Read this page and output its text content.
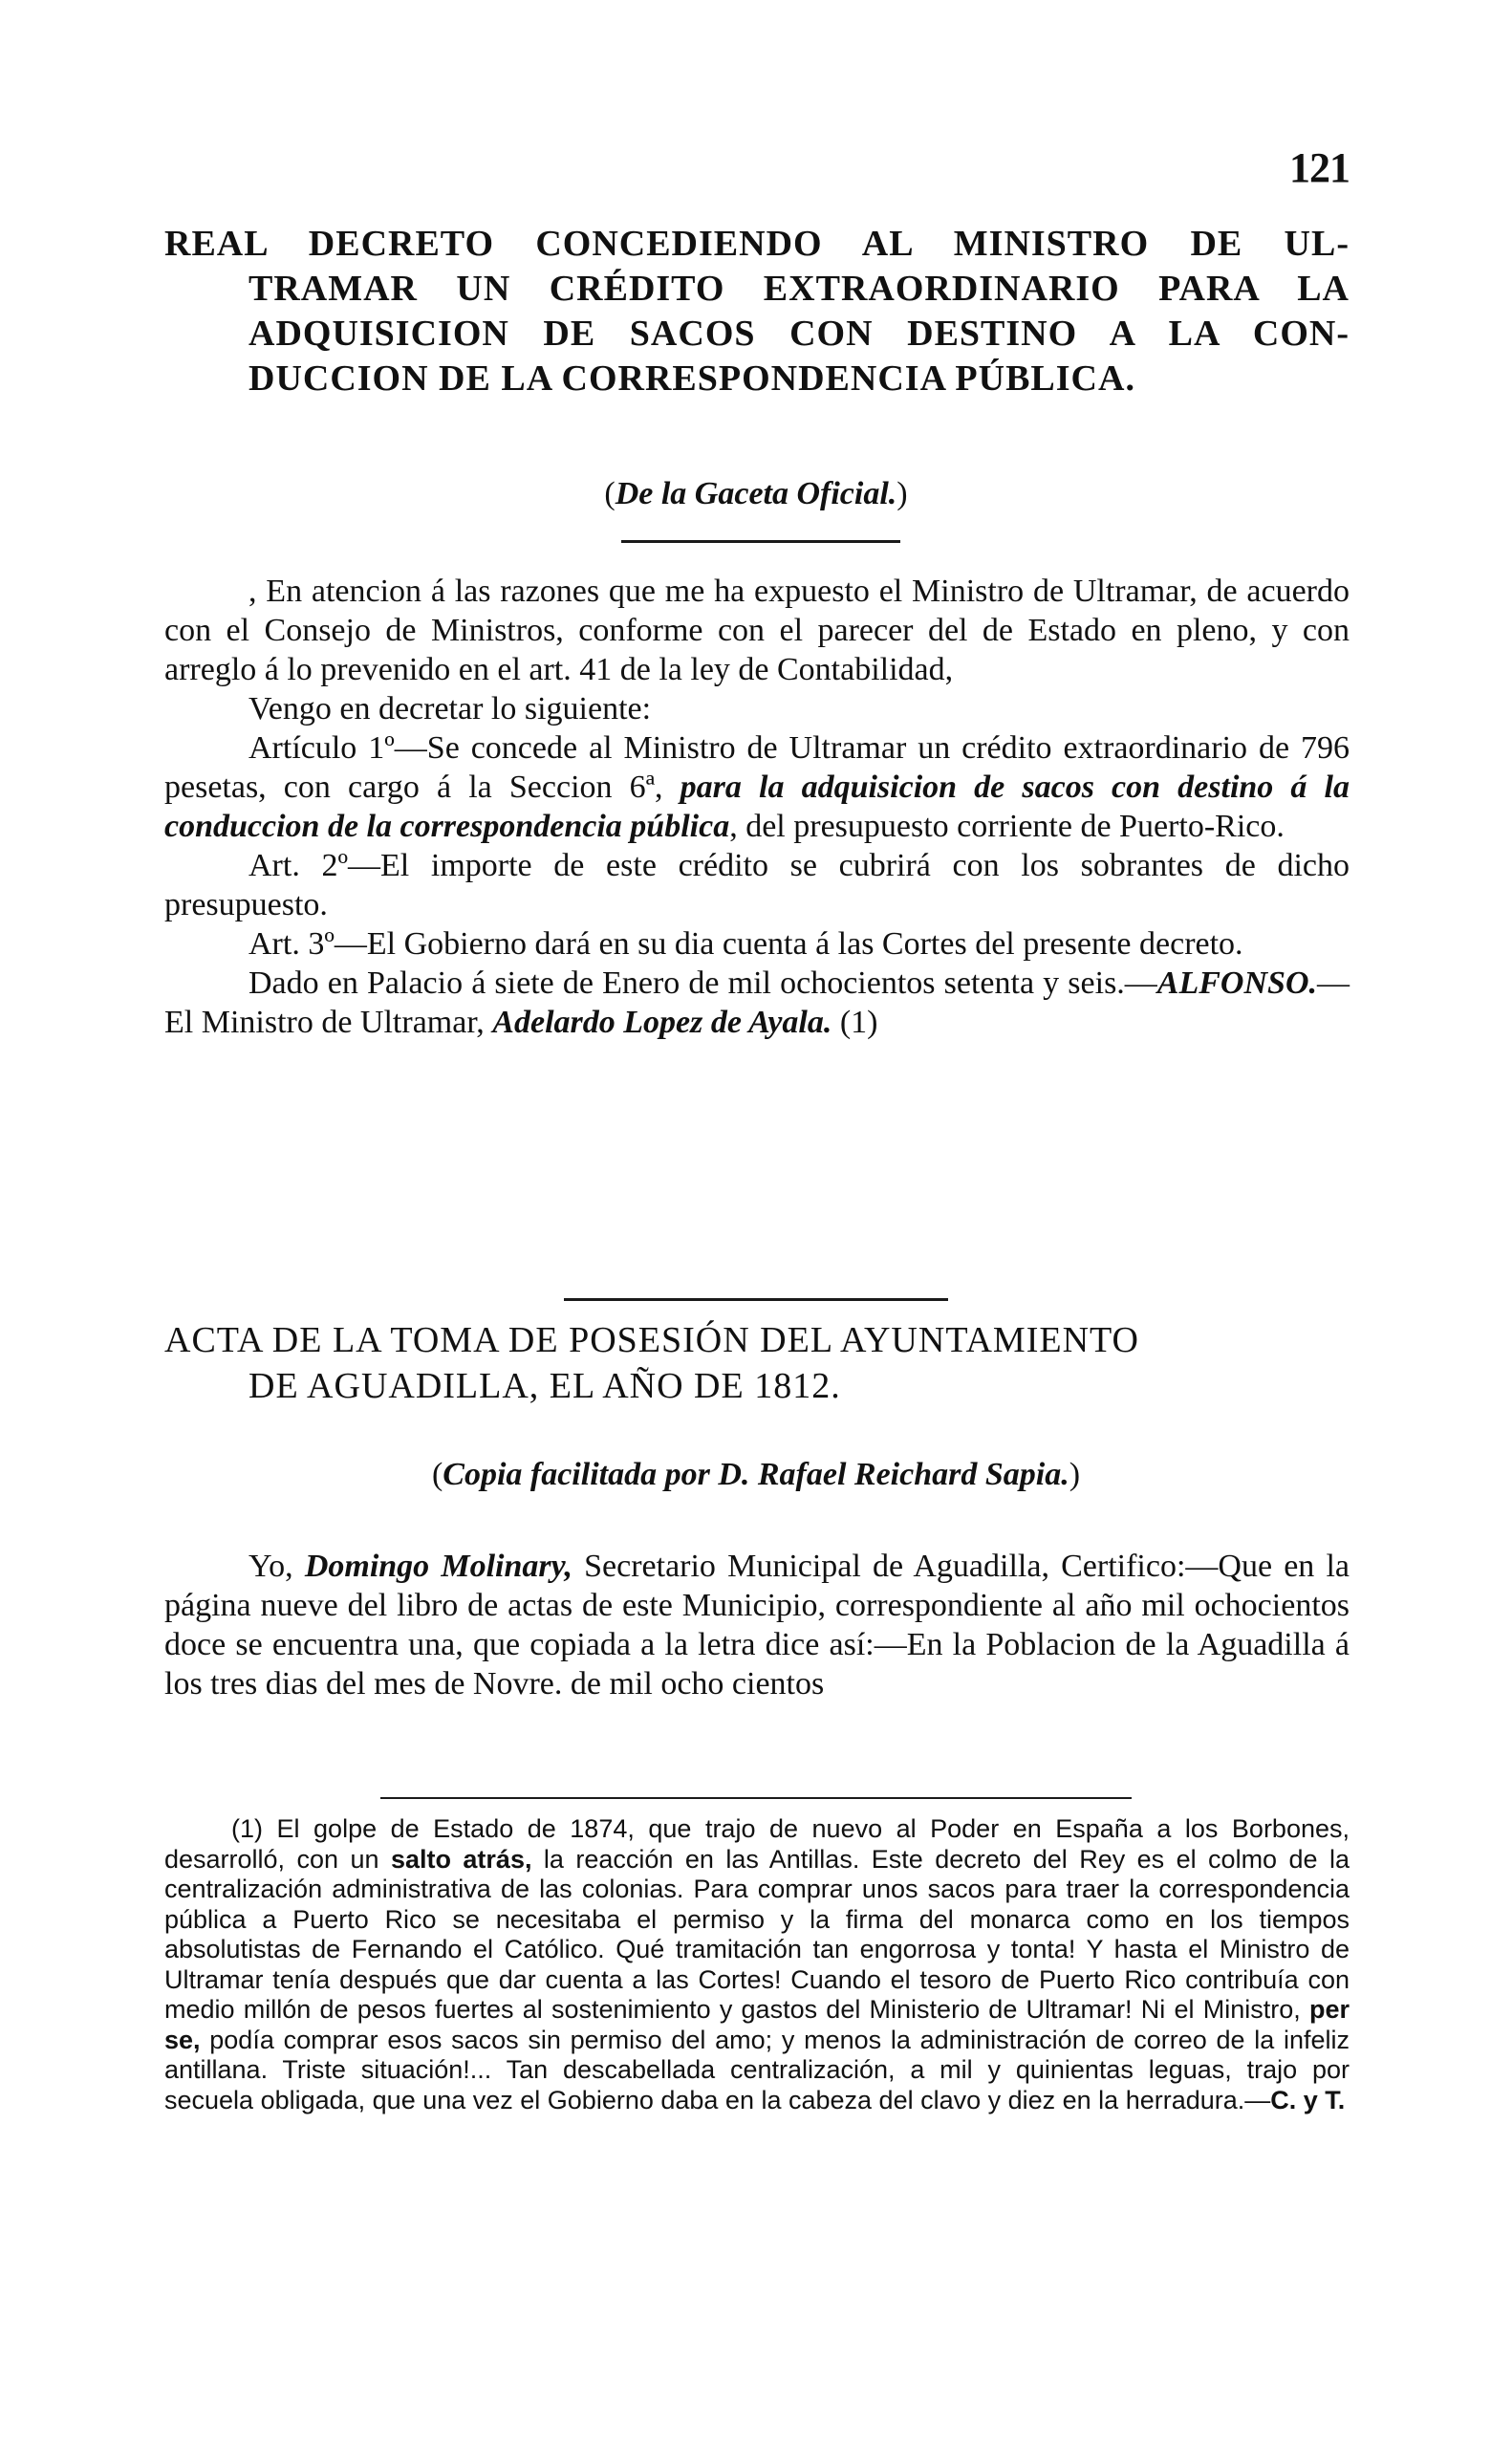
121

REAL DECRETO CONCEDIENDO AL MINISTRO DE UL-

TRAMAR UN CRÉDITO EXTRAORDINARIO PARA LA

ADQUISICION DE SACOS CON DESTINO A LA CON-

DUCCION DE LA CORRESPONDENCIA PÚBLICA.

(De la Gaceta Oficial.)

, En atencion á las razones que me ha expuesto el Ministro de Ultramar, de acuerdo con el Consejo de Ministros, conforme con el parecer del de Estado en pleno, y con arreglo á lo prevenido en el art. 41 de la ley de Contabilidad,

Vengo en decretar lo siguiente:

Artículo 1º—Se concede al Ministro de Ultramar un crédito extraordinario de 796 pesetas, con cargo á la Seccion 6ª, para la adquisicion de sacos con destino á la conduccion de la correspondencia pública, del presupuesto corriente de Puerto-Rico.

Art. 2º—El importe de este crédito se cubrirá con los sobrantes de dicho presupuesto.

Art. 3º—El Gobierno dará en su dia cuenta á las Cortes del presente decreto.

Dado en Palacio á siete de Enero de mil ochocientos setenta y seis.—ALFONSO.—El Ministro de Ultramar, Adelardo Lopez de Ayala. (1)

ACTA DE LA TOMA DE POSESIÓN DEL AYUNTAMIENTO

DE AGUADILLA, EL AÑO DE 1812.

(Copia facilitada por D. Rafael Reichard Sapia.)

Yo, Domingo Molinary, Secretario Municipal de Aguadilla, Certifico:—Que en la página nueve del libro de actas de este Municipio, correspondiente al año mil ochocientos doce se encuentra una, que copiada a la letra dice así:—En la Poblacion de la Aguadilla á los tres dias del mes de Novre. de mil ocho cientos

(1) El golpe de Estado de 1874, que trajo de nuevo al Poder en España a los Borbones, desarrolló, con un salto atrás, la reacción en las Antillas. Este decreto del Rey es el colmo de la centralización administrativa de las colonias. Para comprar unos sacos para traer la correspondencia pública a Puerto Rico se necesitaba el permiso y la firma del monarca como en los tiempos absolutistas de Fernando el Católico. Qué tramitación tan engorrosa y tonta! Y hasta el Ministro de Ultramar tenía después que dar cuenta a las Cortes! Cuando el tesoro de Puerto Rico contribuía con medio millón de pesos fuertes al sostenimiento y gastos del Ministerio de Ultramar! Ni el Ministro, per se, podía comprar esos sacos sin permiso del amo; y menos la administración de correo de la infeliz antillana. Triste situación!... Tan descabellada centralización, a mil y quinientas leguas, trajo por secuela obligada, que una vez el Gobierno daba en la cabeza del clavo y diez en la herradura.—C. y T.
